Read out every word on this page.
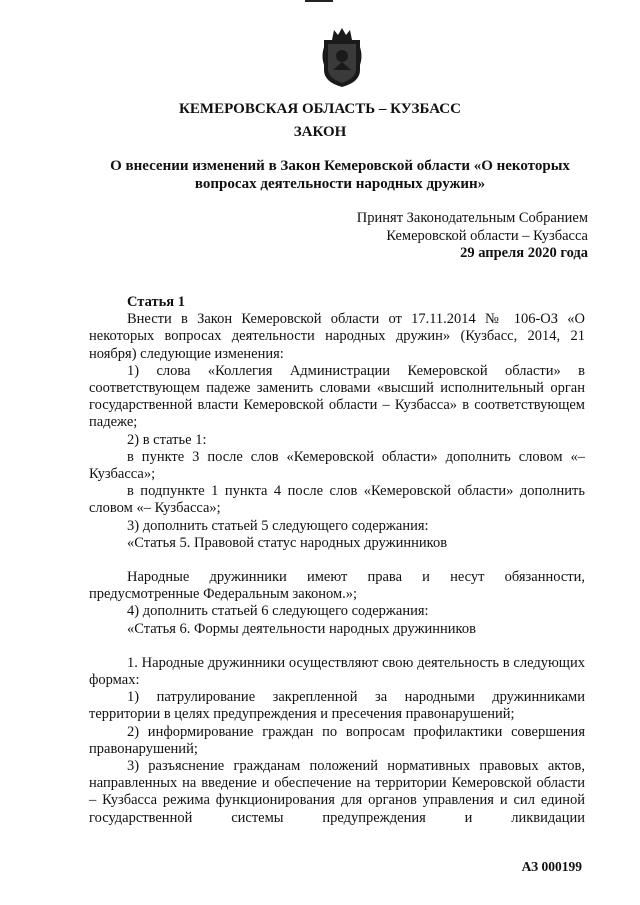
КЕМЕРОВСКАЯ ОБЛАСТЬ – КУЗБАСС
ЗАКОН
О внесении изменений в Закон Кемеровской области «О некоторых вопросах деятельности народных дружин»
Принят Законодательным Собранием
Кемеровской области – Кузбасса
29 апреля 2020 года

Статья 1

Внести в Закон Кемеровской области от 17.11.2014 № 106-ОЗ «О некоторых вопросах деятельности народных дружин» (Кузбасс, 2014, 21 ноября) следующие изменения:

1) слова «Коллегия Администрации Кемеровской области» в соответствующем падеже заменить словами «высший исполнительный орган государственной власти Кемеровской области – Кузбасса» в соответствующем падеже;

2) в статье 1:

в пункте 3 после слов «Кемеровской области» дополнить словом «– Кузбасса»;

в подпункте 1 пункта 4 после слов «Кемеровской области» дополнить словом «– Кузбасса»;

3) дополнить статьей 5 следующего содержания:

«Статья 5. Правовой статус народных дружинников

Народные дружинники имеют права и несут обязанности, предусмотренные Федеральным законом.»;

4) дополнить статьей 6 следующего содержания:

«Статья 6. Формы деятельности народных дружинников

1. Народные дружинники осуществляют свою деятельность в следующих формах:

1) патрулирование закрепленной за народными дружинниками территории в целях предупреждения и пресечения правонарушений;

2) информирование граждан по вопросам профилактики совершения правонарушений;

3) разъяснение гражданам положений нормативных правовых актов, направленных на введение и обеспечение на территории Кемеровской области – Кузбасса режима функционирования для органов управления и сил единой государственной системы предупреждения и ликвидации

АЗ 000199
